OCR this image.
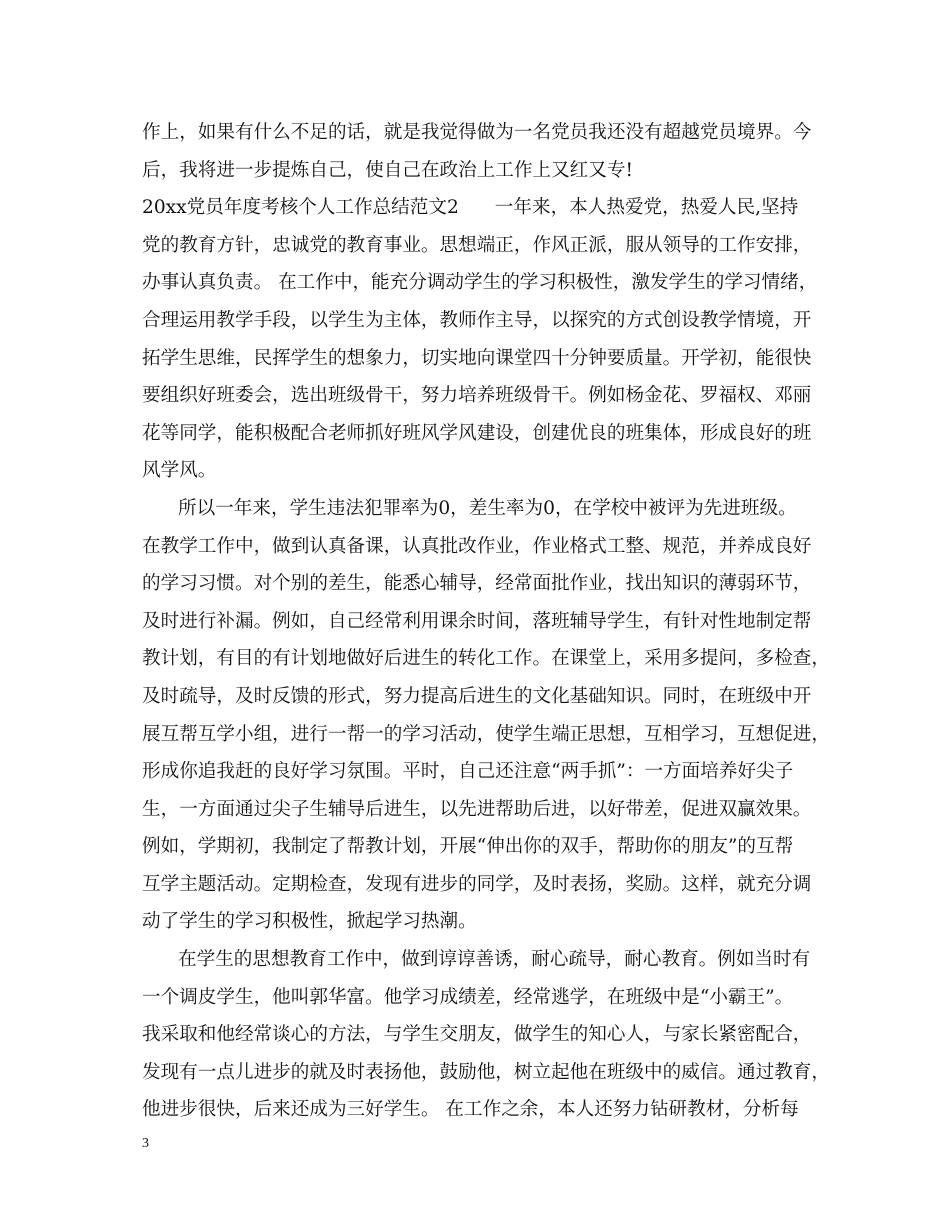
作上，如果有什么不足的话，就是我觉得做为一名党员我还没有超越党员境界。今
后，我将进一步提炼自己，使自己在政治上工作上又红又专!
20xx党员年度考核个人工作总结范文2 一年来，本人热爱党，热爱人民,坚持
党的教育方针，忠诚党的教育事业。思想端正，作风正派，服从领导的工作安排，
办事认真负责。 在工作中，能充分调动学生的学习积极性，激发学生的学习情绪，
合理运用教学手段，以学生为主体，教师作主导，以探究的方式创设教学情境，开
拓学生思维，民挥学生的想象力，切实地向课堂四十分钟要质量。开学初，能很快
要组织好班委会，选出班级骨干，努力培养班级骨干。例如杨金花、罗福权、邓丽
花等同学，能积极配合老师抓好班风学风建设，创建优良的班集体，形成良好的班
风学风。
所以一年来，学生违法犯罪率为0，差生率为0，在学校中被评为先进班级。
在教学工作中，做到认真备课，认真批改作业，作业格式工整、规范，并养成良好
的学习习惯。对个别的差生，能悉心辅导，经常面批作业，找出知识的薄弱环节，
及时进行补漏。例如，自己经常利用课余时间，落班辅导学生，有针对性地制定帮
教计划，有目的有计划地做好后进生的转化工作。在课堂上，采用多提问，多检查，
及时疏导，及时反馈的形式，努力提高后进生的文化基础知识。同时，在班级中开
展互帮互学小组，进行一帮一的学习活动，使学生端正思想，互相学习，互想促进，
形成你追我赶的良好学习氛围。平时，自己还注意“两手抓”：一方面培养好尖子
生，一方面通过尖子生辅导后进生，以先进帮助后进，以好带差，促进双赢效果。
例如，学期初，我制定了帮教计划，开展“伸出你的双手，帮助你的朋友”的互帮
互学主题活动。定期检查，发现有进步的同学，及时表扬，奖励。这样，就充分调
动了学生的学习积极性，掀起学习热潮。
在学生的思想教育工作中，做到谆谆善诱，耐心疏导，耐心教育。例如当时有
一个调皮学生，他叫郭华富。他学习成绩差，经常逃学，在班级中是“小霸王”。
我采取和他经常谈心的方法，与学生交朋友，做学生的知心人，与家长紧密配合，
发现有一点儿进步的就及时表扬他，鼓励他，树立起他在班级中的威信。通过教育，
他进步很快，后来还成为三好学生。 在工作之余，本人还努力钻研教材，分析每
3
